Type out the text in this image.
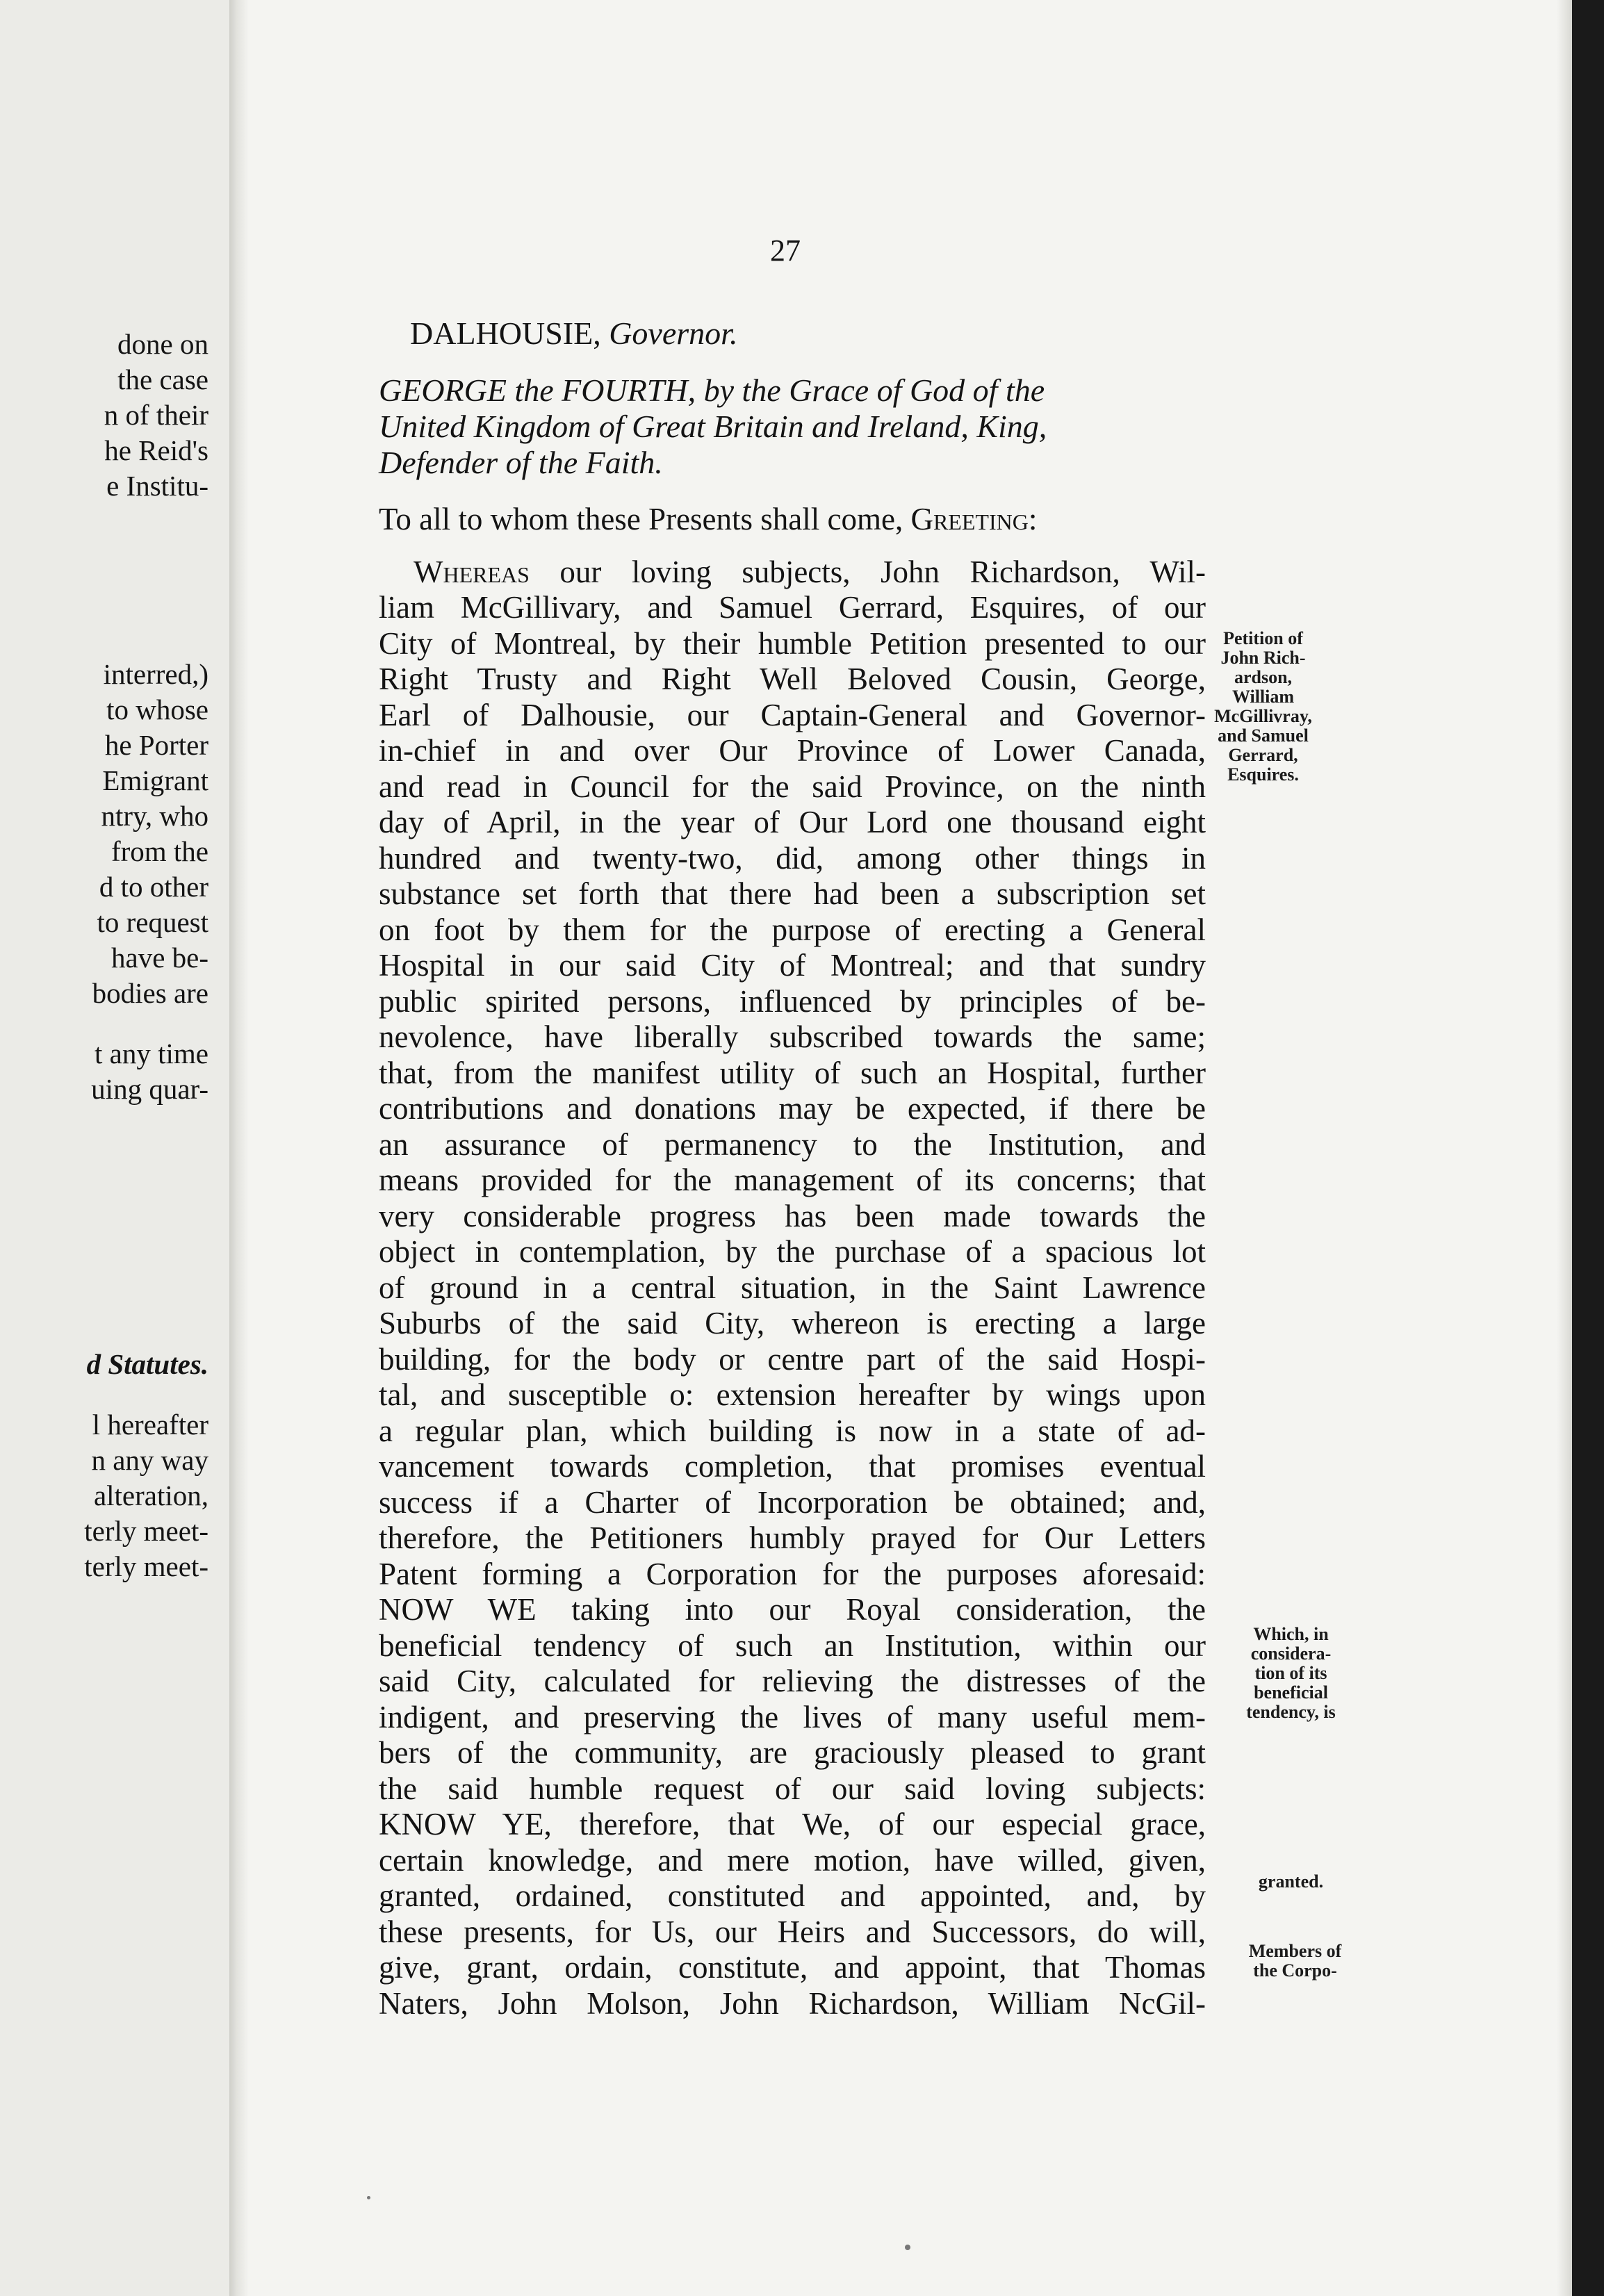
done on
the case
n of their
he Reid's
e Institu-
interred,)
to whose
he Porter
Emigrant
ntry, who
from the
d to other
to request
have be-
bodies are
t any time
uing quar-
d Statutes.
l hereafter
n any way
alteration,
terly meet-
terly meet-
27
DALHOUSIE, Governor.
GEORGE the FOURTH, by the Grace of God of the
United Kingdom of Great Britain and Ireland, King,
Defender of the Faith.
To all to whom these Presents shall come, Greeting:
Whereas our loving subjects, John Richardson, Wil-
liam McGillivary, and Samuel Gerrard, Esquires, of our
City of Montreal, by their humble Petition presented to our
Right Trusty and Right Well Beloved Cousin, George,
Earl of Dalhousie, our Captain-General and Governor-
in-chief in and over Our Province of Lower Canada,
and read in Council for the said Province, on the ninth
day of April, in the year of Our Lord one thousand eight
hundred and twenty-two, did, among other things in
substance set forth that there had been a subscription set
on foot by them for the purpose of erecting a General
Hospital in our said City of Montreal; and that sundry
public spirited persons, influenced by principles of be-
nevolence, have liberally subscribed towards the same;
that, from the manifest utility of such an Hospital, further
contributions and donations may be expected, if there be
an assurance of permanency to the Institution, and
means provided for the management of its concerns; that
very considerable progress has been made towards the
object in contemplation, by the purchase of a spacious lot
of ground in a central situation, in the Saint Lawrence
Suburbs of the said City, whereon is erecting a large
building, for the body or centre part of the said Hospi-
tal, and susceptible o: extension hereafter by wings upon
a regular plan, which building is now in a state of ad-
vancement towards completion, that promises eventual
success if a Charter of Incorporation be obtained; and,
therefore, the Petitioners humbly prayed for Our Letters
Patent forming a Corporation for the purposes aforesaid:
NOW WE taking into our Royal consideration, the
beneficial tendency of such an Institution, within our
said City, calculated for relieving the distresses of the
indigent, and preserving the lives of many useful mem-
bers of the community, are graciously pleased to grant
the said humble request of our said loving subjects:
KNOW YE, therefore, that We, of our especial grace,
certain knowledge, and mere motion, have willed, given,
granted, ordained, constituted and appointed, and, by
these presents, for Us, our Heirs and Successors, do will,
give, grant, ordain, constitute, and appoint, that Thomas
Naters, John Molson, John Richardson, William NcGil-
Petition of
John Rich-
ardson,
William
McGillivray,
and Samuel
Gerrard,
Esquires.
Which, in
considera-
tion of its
beneficial
tendency, is
granted.
Members of
the Corpo-
